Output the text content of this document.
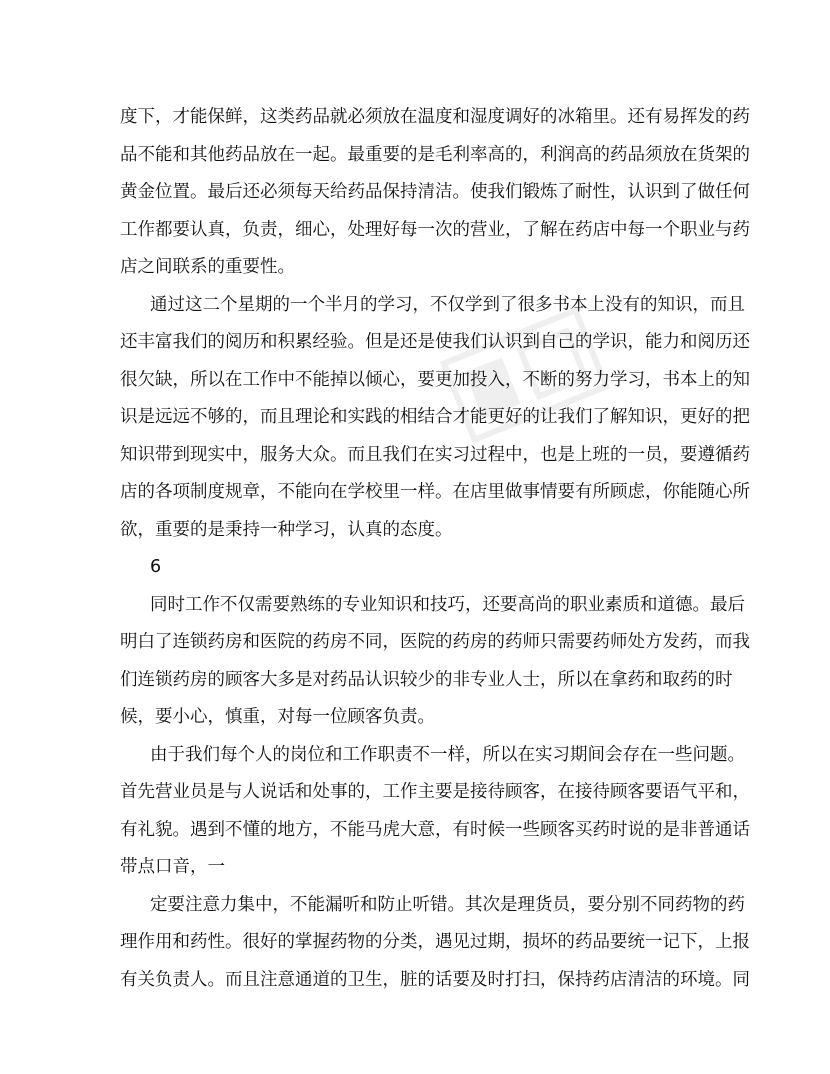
度下，才能保鲜，这类药品就必须放在温度和湿度调好的冰箱里。还有易挥发的药
品不能和其他药品放在一起。最重要的是毛利率高的，利润高的药品须放在货架的
黄金位置。最后还必须每天给药品保持清洁。使我们锻炼了耐性，认识到了做任何
工作都要认真，负责，细心，处理好每一次的营业，了解在药店中每一个职业与药
店之间联系的重要性。
通过这二个星期的一个半月的学习，不仅学到了很多书本上没有的知识，而且
还丰富我们的阅历和积累经验。但是还是使我们认识到自己的学识，能力和阅历还
很欠缺，所以在工作中不能掉以倾心，要更加投入，不断的努力学习，书本上的知
识是远远不够的，而且理论和实践的相结合才能更好的让我们了解知识，更好的把
知识带到现实中，服务大众。而且我们在实习过程中，也是上班的一员，要遵循药
店的各项制度规章，不能向在学校里一样。在店里做事情要有所顾虑，你能随心所
欲，重要的是秉持一种学习，认真的态度。
6
同时工作不仅需要熟练的专业知识和技巧，还要高尚的职业素质和道德。最后
明白了连锁药房和医院的药房不同，医院的药房的药师只需要药师处方发药，而我
们连锁药房的顾客大多是对药品认识较少的非专业人士，所以在拿药和取药的时
候，要小心，慎重，对每一位顾客负责。
由于我们每个人的岗位和工作职责不一样，所以在实习期间会存在一些问题。
首先营业员是与人说话和处事的，工作主要是接待顾客，在接待顾客要语气平和，
有礼貌。遇到不懂的地方，不能马虎大意，有时候一些顾客买药时说的是非普通话
带点口音，一
定要注意力集中，不能漏听和防止听错。其次是理货员，要分别不同药物的药
理作用和药性。很好的掌握药物的分类，遇见过期，损坏的药品要统一记下，上报
有关负责人。而且注意通道的卫生，脏的话要及时打扫，保持药店清洁的环境。同
